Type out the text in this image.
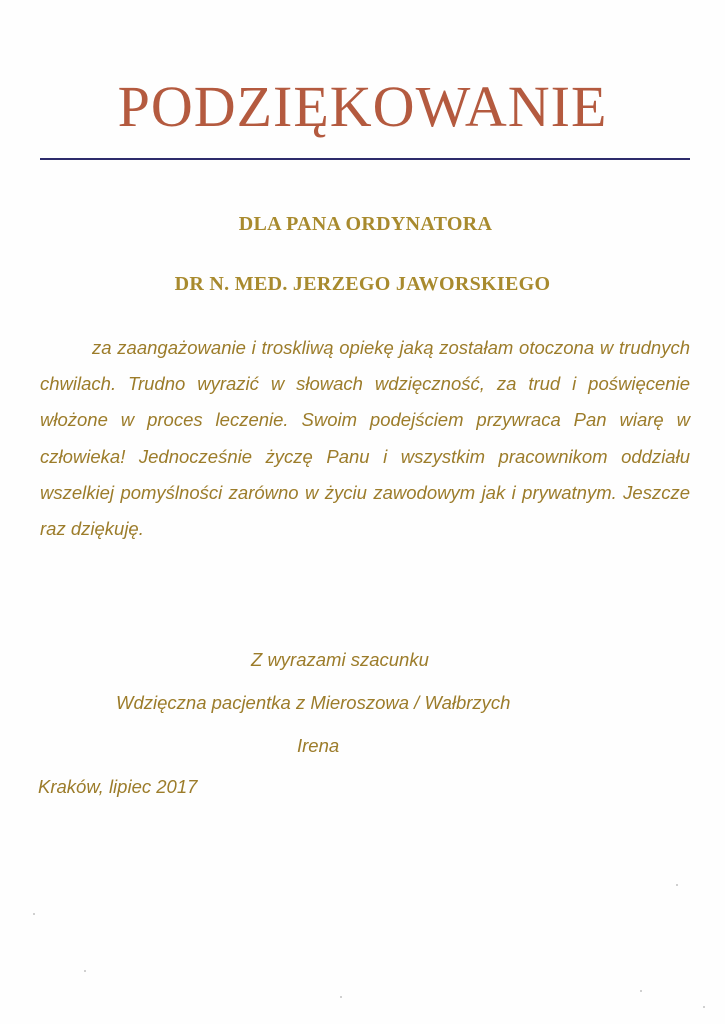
PODZIĘKOWANIE
DLA PANA ORDYNATORA
DR N. MED. JERZEGO JAWORSKIEGO

za zaangażowanie i troskliwą opiekę jaką zostałam otoczona w trudnych chwilach. Trudno wyrazić w słowach wdzięczność, za trud i poświęcenie włożone w proces leczenie. Swoim podejściem przywraca Pan wiarę w człowieka! Jednocześnie życzę Panu i wszystkim pracownikom oddziału wszelkiej pomyślności zarówno w życiu zawodowym jak i prywatnym. Jeszcze raz dziękuję.

Z wyrazami szacunku

Wdzięczna pacjentka z Mieroszowa / Wałbrzych

Irena

Kraków, lipiec 2017
